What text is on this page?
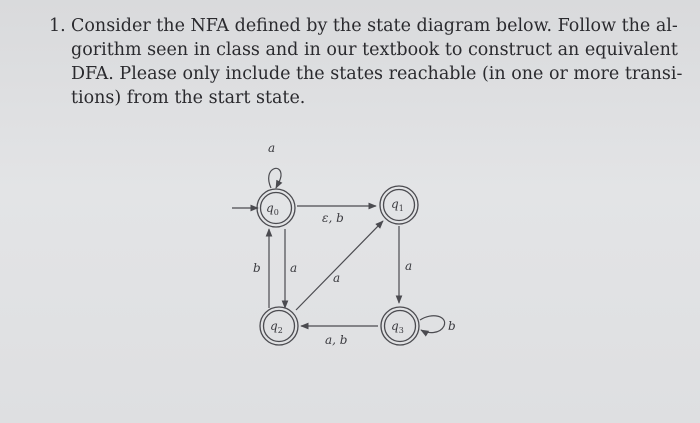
1. Consider the NFA defined by the state diagram below. Follow the al-
gorithm seen in class and in our textbook to construct an equivalent
DFA. Please only include the states reachable (in one or more transi-
tions) from the start state.
a
ε, b
b a
a
a
a, b
b
$q_0$
$q_1$
$q_2$	$q_3$
